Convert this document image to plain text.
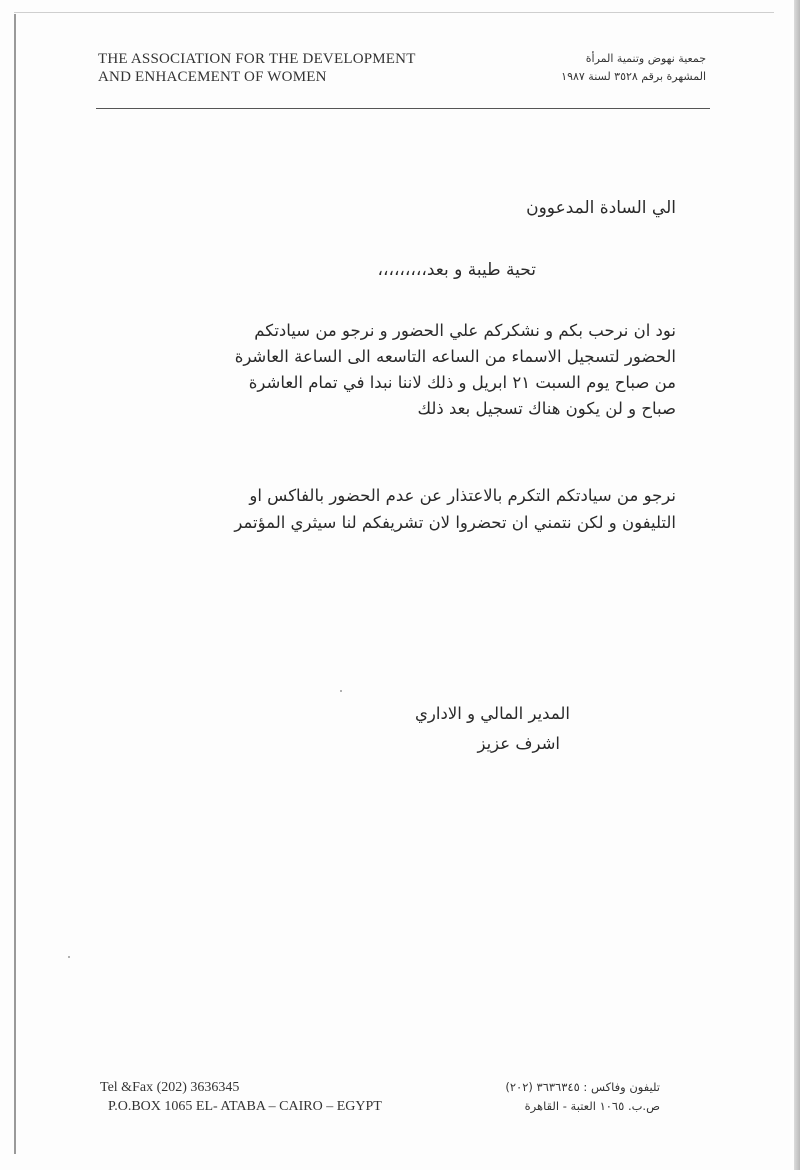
THE ASSOCIATION FOR THE DEVELOPMENT
AND ENHACEMENT OF WOMEN
جمعية نهوض وتنمية المرأة
المشهرة برقم ٣٥٢٨ لسنة ١٩٨٧
الي السادة المدعوون
تحية طيبة و بعد،،،،،،،،،

نود ان نرحب بكم و نشكركم علي الحضور و نرجو من سيادتكم

الحضور لتسجيل الاسماء من الساعه التاسعه الى الساعة العاشرة

من صباح يوم السبت ٢١ ابريل و ذلك لاننا نبدا في تمام العاشرة

صباح و لن يكون هناك تسجيل بعد ذلك

نرجو من سيادتكم التكرم بالاعتذار عن عدم الحضور بالفاكس او

التليفون و لكن نتمني ان تحضروا لان تشريفكم لنا سيثري المؤتمر

المدير المالي و الاداري
اشرف عزيز
Tel &Fax (202) 3636345
P.O.BOX 1065 EL- ATABA – CAIRO – EGYPT
تليفون وفاكس : ٣٦٣٦٣٤٥ (٢٠٢)
ص.ب. ١٠٦٥ العتبة - القاهرة
